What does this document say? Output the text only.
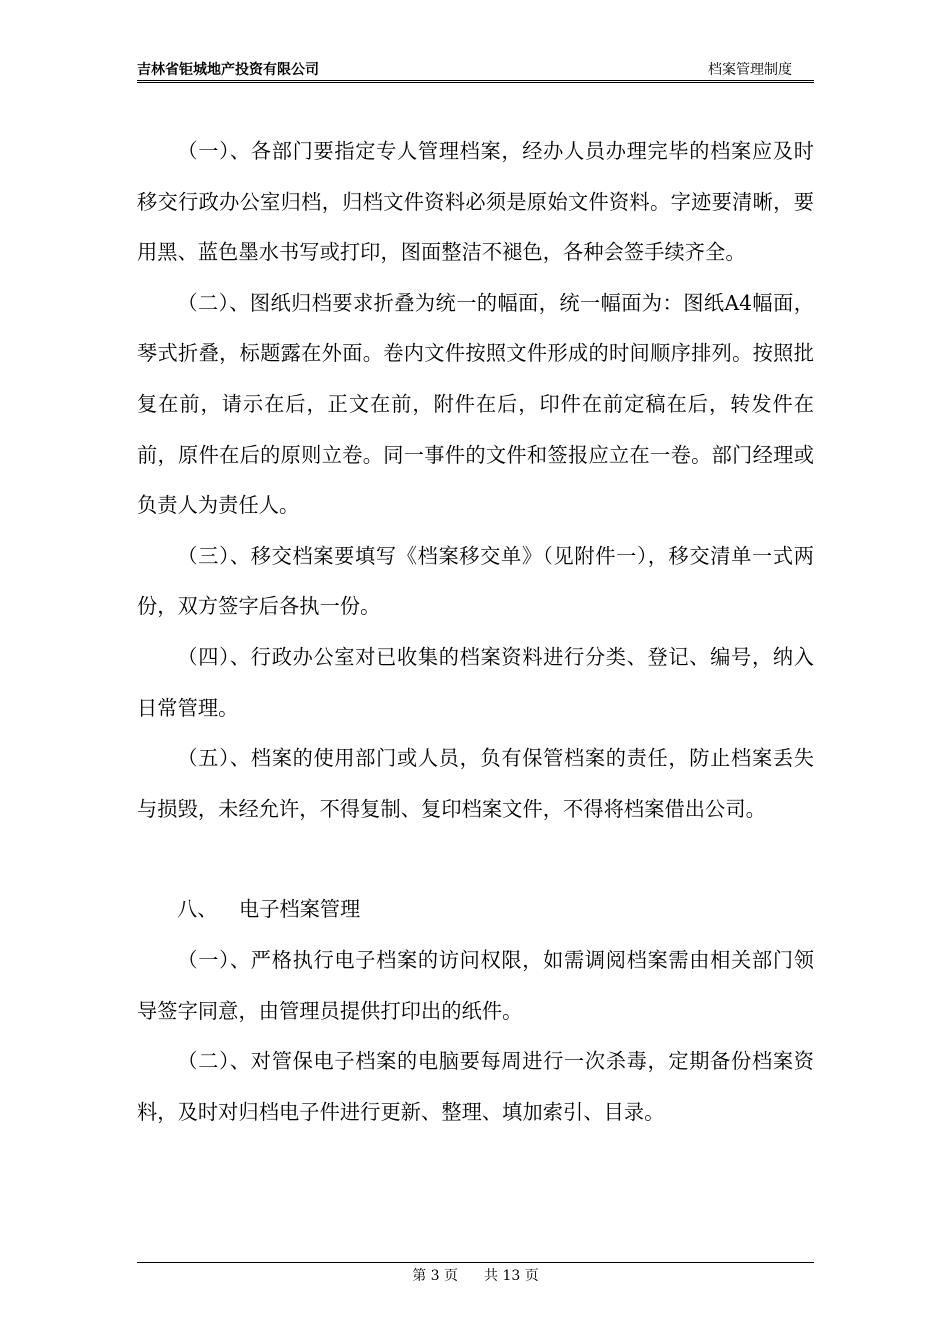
吉林省钜城地产投资有限公司	档案管理制度

（一）、各部门要指定专人管理档案，经办人员办理完毕的档案应及时移交行政办公室归档，归档文件资料必须是原始文件资料。字迹要清晰，要用黑、蓝色墨水书写或打印，图面整洁不褪色，各种会签手续齐全。

（二）、图纸归档要求折叠为统一的幅面，统一幅面为：图纸A4幅面，琴式折叠，标题露在外面。卷内文件按照文件形成的时间顺序排列。按照批复在前，请示在后，正文在前，附件在后，印件在前定稿在后，转发件在前，原件在后的原则立卷。同一事件的文件和签报应立在一卷。部门经理或负责人为责任人。

（三）、移交档案要填写《档案移交单》（见附件一），移交清单一式两份，双方签字后各执一份。

（四）、行政办公室对已收集的档案资料进行分类、登记、编号，纳入日常管理。

（五）、档案的使用部门或人员，负有保管档案的责任，防止档案丢失与损毁，未经允许，不得复制、复印档案文件，不得将档案借出公司。

八、 电子档案管理

（一）、严格执行电子档案的访问权限，如需调阅档案需由相关部门领导签字同意，由管理员提供打印出的纸件。

（二）、对管保电子档案的电脑要每周进行一次杀毒，定期备份档案资料，及时对归档电子件进行更新、整理、填加索引、目录。

第 3 页 共 13 页
